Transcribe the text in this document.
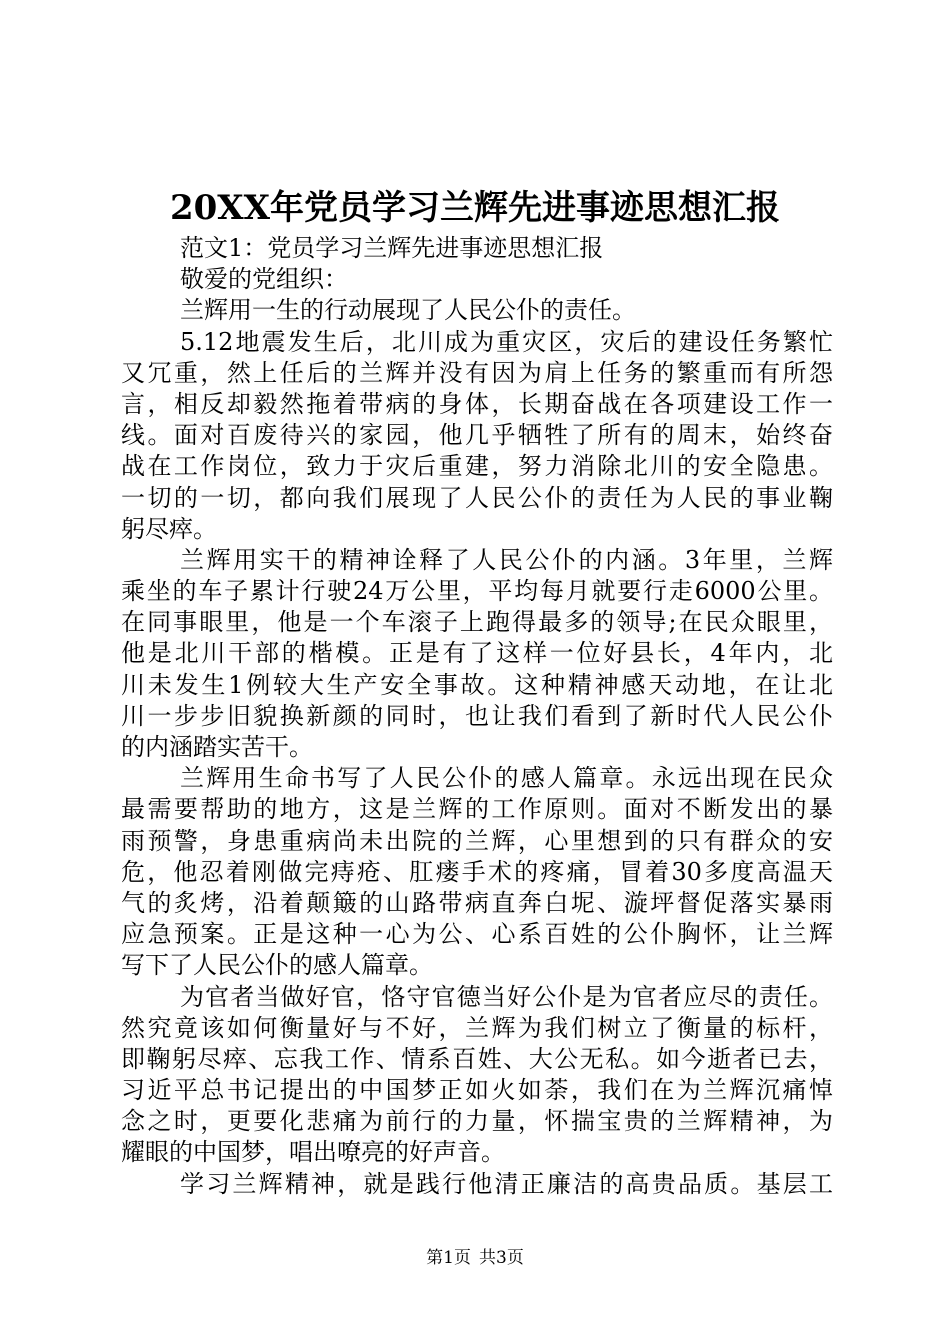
20XX年党员学习兰辉先进事迹思想汇报
范文1：党员学习兰辉先进事迹思想汇报
敬爱的党组织：
兰辉用一生的行动展现了人民公仆的责任。
5.12地震发生后，北川成为重灾区，灾后的建设任务繁忙
又冗重，然上任后的兰辉并没有因为肩上任务的繁重而有所怨
言，相反却毅然拖着带病的身体，长期奋战在各项建设工作一
线。面对百废待兴的家园，他几乎牺牲了所有的周末，始终奋
战在工作岗位，致力于灾后重建，努力消除北川的安全隐患。
一切的一切，都向我们展现了人民公仆的责任为人民的事业鞠
躬尽瘁。
兰辉用实干的精神诠释了人民公仆的内涵。3年里，兰辉
乘坐的车子累计行驶24万公里，平均每月就要行走6000公里。
在同事眼里，他是一个车滚子上跑得最多的领导;在民众眼里，
他是北川干部的楷模。正是有了这样一位好县长，4年内，北
川未发生1例较大生产安全事故。这种精神感天动地，在让北
川一步步旧貌换新颜的同时，也让我们看到了新时代人民公仆
的内涵踏实苦干。
兰辉用生命书写了人民公仆的感人篇章。永远出现在民众
最需要帮助的地方，这是兰辉的工作原则。面对不断发出的暴
雨预警，身患重病尚未出院的兰辉，心里想到的只有群众的安
危，他忍着刚做完痔疮、肛瘘手术的疼痛，冒着30多度高温天
气的炙烤，沿着颠簸的山路带病直奔白坭、漩坪督促落实暴雨
应急预案。正是这种一心为公、心系百姓的公仆胸怀，让兰辉
写下了人民公仆的感人篇章。
为官者当做好官，恪守官德当好公仆是为官者应尽的责任。
然究竟该如何衡量好与不好，兰辉为我们树立了衡量的标杆，
即鞠躬尽瘁、忘我工作、情系百姓、大公无私。如今逝者已去，
习近平总书记提出的中国梦正如火如荼，我们在为兰辉沉痛悼
念之时，更要化悲痛为前行的力量，怀揣宝贵的兰辉精神，为
耀眼的中国梦，唱出嘹亮的好声音。
学习兰辉精神，就是践行他清正廉洁的高贵品质。基层工
第1页 共3页
